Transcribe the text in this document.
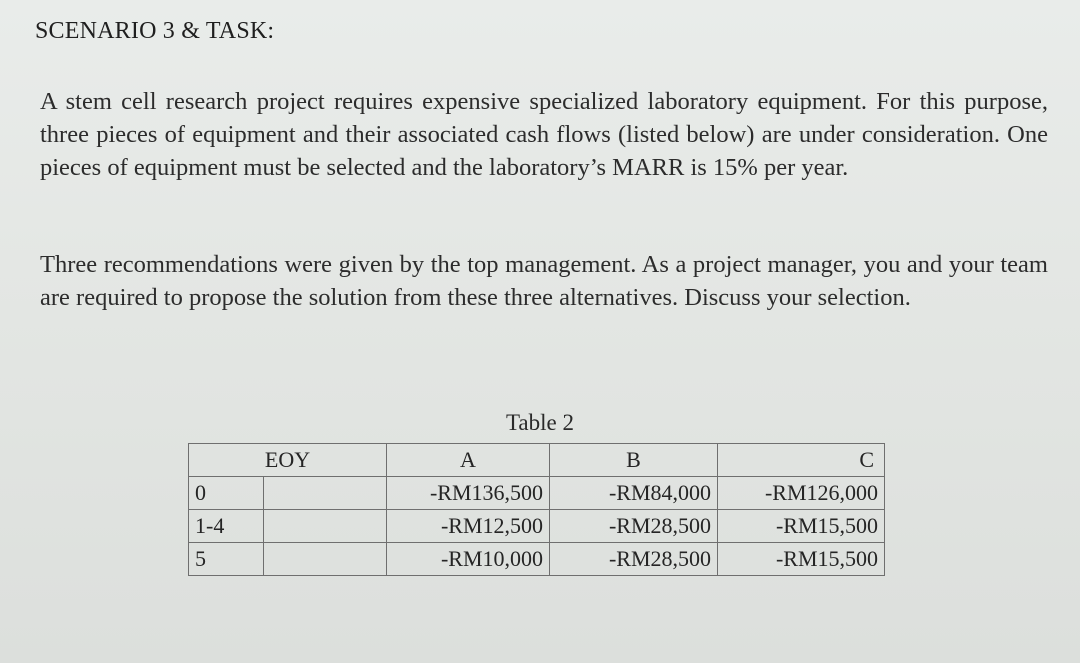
SCENARIO 3 & TASK:

A stem cell research project requires expensive specialized laboratory equipment. For this purpose, three pieces of equipment and their associated cash flows (listed below) are under consideration. One pieces of equipment must be selected and the laboratory’s MARR is 15% per year.

Three recommendations were given by the top management. As a project manager, you and your team are required to propose the solution from these three alternatives. Discuss your selection.

Table 2
EOY		A	B	C
0		-RM136,500	-RM84,000	-RM126,000
1-4		-RM12,500	-RM28,500	-RM15,500
5		-RM10,000	-RM28,500	-RM15,500
